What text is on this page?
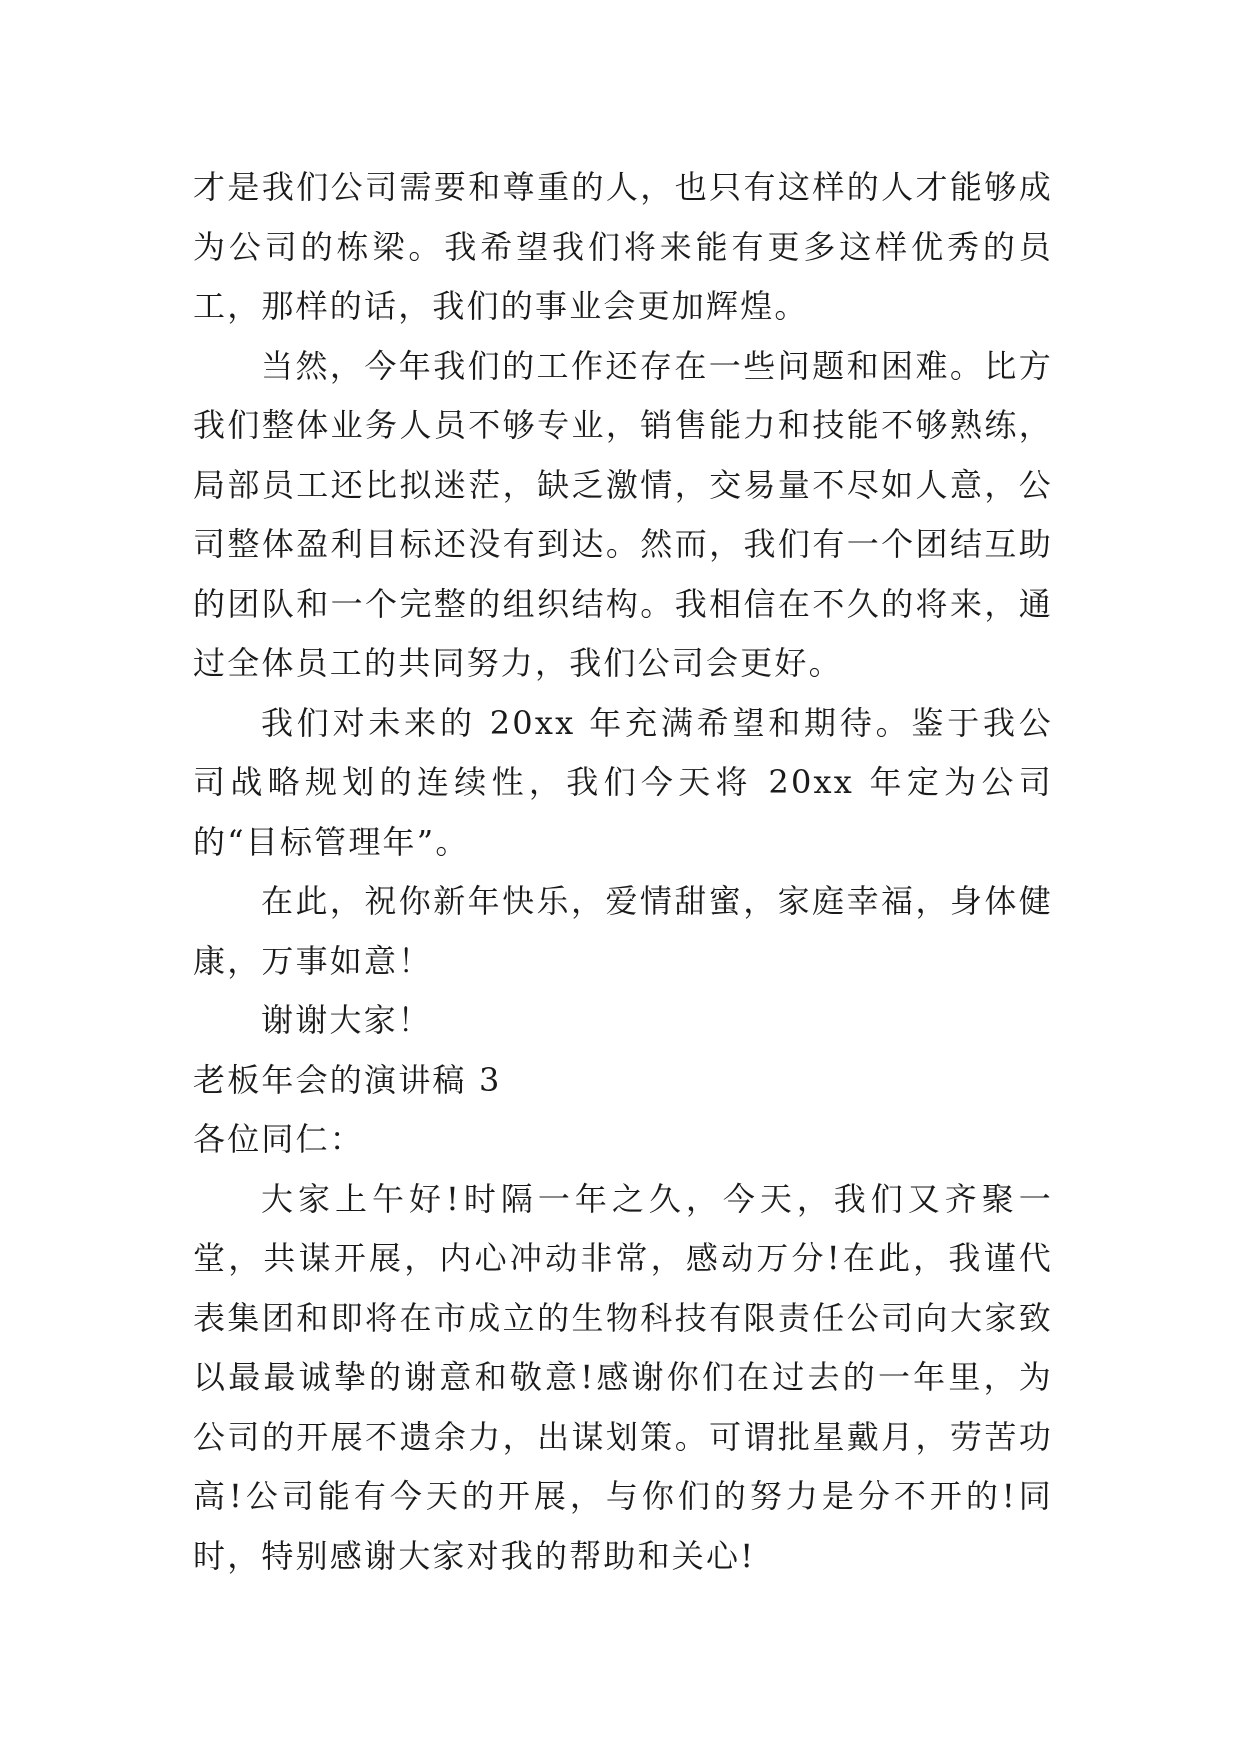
才是我们公司需要和尊重的人，也只有这样的人才能够成为公司的栋梁。我希望我们将来能有更多这样优秀的员工，那样的话，我们的事业会更加辉煌。

当然，今年我们的工作还存在一些问题和困难。比方我们整体业务人员不够专业，销售能力和技能不够熟练，局部员工还比拟迷茫，缺乏激情，交易量不尽如人意，公司整体盈利目标还没有到达。然而，我们有一个团结互助的团队和一个完整的组织结构。我相信在不久的将来，通过全体员工的共同努力，我们公司会更好。

我们对未来的 20xx 年充满希望和期待。鉴于我公司战略规划的连续性，我们今天将 20xx 年定为公司的“目标管理年”。

在此，祝你新年快乐，爱情甜蜜，家庭幸福，身体健康，万事如意！

谢谢大家！

老板年会的演讲稿 3

各位同仁：

大家上午好!时隔一年之久，今天，我们又齐聚一堂，共谋开展，内心冲动非常，感动万分!在此，我谨代表集团和即将在市成立的生物科技有限责任公司向大家致以最最诚挚的谢意和敬意!感谢你们在过去的一年里，为公司的开展不遗余力，出谋划策。可谓批星戴月，劳苦功高!公司能有今天的开展，与你们的努力是分不开的!同时，特别感谢大家对我的帮助和关心!
